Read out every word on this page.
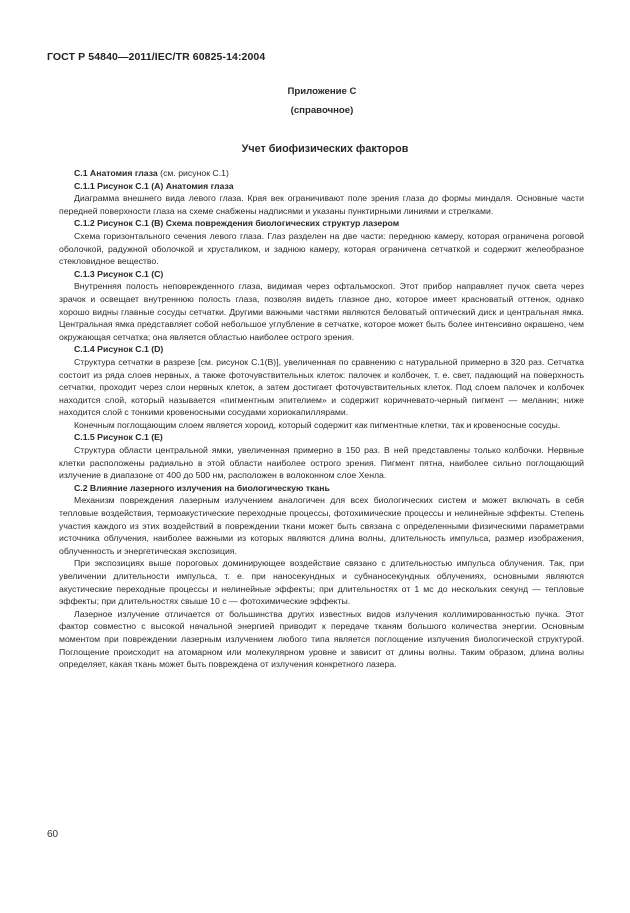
ГОСТ Р 54840—2011/IEC/TR 60825-14:2004
Приложение С
(справочное)
Учет биофизических факторов

С.1 Анатомия глаза (см. рисунок С.1)

С.1.1 Рисунок С.1 (А) Анатомия глаза

Диаграмма внешнего вида левого глаза. Края век ограничивают поле зрения глаза до формы миндаля. Основные части передней поверхности глаза на схеме снабжены надписями и указаны пунктирными линиями и стрелками.

С.1.2 Рисунок С.1 (В) Схема повреждения биологических структур лазером

Схема горизонтального сечения левого глаза. Глаз разделен на две части: переднюю камеру, которая ограничена роговой оболочкой, радужной оболочкой и хрусталиком, и заднюю камеру, которая ограничена сетчаткой и содержит желеобразное стекловидное вещество.

С.1.3 Рисунок С.1 (С)

Внутренняя полость неповрежденного глаза, видимая через офтальмоскоп. Этот прибор направляет пучок света через зрачок и освещает внутреннюю полость глаза, позволяя видеть глазное дно, которое имеет красноватый оттенок, однако хорошо видны главные сосуды сетчатки. Другими важными частями являются беловатый оптический диск и центральная ямка. Центральная ямка представляет собой небольшое углубление в сетчатке, которое может быть более интенсивно окрашено, чем окружающая сетчатка; она является областью наиболее острого зрения.

С.1.4 Рисунок С.1 (D)

Структура сетчатки в разрезе [см. рисунок С.1(В)], увеличенная по сравнению с натуральной примерно в 320 раз. Сетчатка состоит из ряда слоев нервных, а также фоточувствительных клеток: палочек и колбочек, т. е. свет, падающий на поверхность сетчатки, проходит через слои нервных клеток, а затем достигает фоточувствительных клеток. Под слоем палочек и колбочек находится слой, который называется «пигментным эпителием» и содержит коричневато-черный пигмент — меланин; ниже находится слой с тонкими кровеносными сосудами хориокапиллярами.

Конечным поглощающим слоем является хороид, который содержит как пигментные клетки, так и кровеносные сосуды.

С.1.5 Рисунок С.1 (Е)

Структура области центральной ямки, увеличенная примерно в 150 раз. В ней представлены только колбочки. Нервные клетки расположены радиально в этой области наиболее острого зрения. Пигмент пятна, наиболее сильно поглощающий излучение в диапазоне от 400 до 500 нм, расположен в волоконном слое Хенла.

С.2 Влияние лазерного излучения на биологическую ткань

Механизм повреждения лазерным излучением аналогичен для всех биологических систем и может включать в себя тепловые воздействия, термоакустические переходные процессы, фотохимические процессы и нелинейные эффекты. Степень участия каждого из этих воздействий в повреждении ткани может быть связана с определенными физическими параметрами источника облучения, наиболее важными из которых являются длина волны, длительность импульса, размер изображения, облученность и энергетическая экспозиция.

При экспозициях выше пороговых доминирующее воздействие связано с длительностью импульса облучения. Так, при увеличении длительности импульса, т. е. при наносекундных и субнаносекундных облучениях, основными являются акустические переходные процессы и нелинейные эффекты; при длительностях от 1 мс до нескольких секунд — тепловые эффекты; при длительностях свыше 10 с — фотохимические эффекты.

Лазерное излучение отличается от большинства других известных видов излучения коллимированностью пучка. Этот фактор совместно с высокой начальной энергией приводит к передаче тканям большого количества энергии. Основным моментом при повреждении лазерным излучением любого типа является поглощение излучения биологической структурой. Поглощение происходит на атомарном или молекулярном уровне и зависит от длины волны. Таким образом, длина волны определяет, какая ткань может быть повреждена от излучения конкретного лазера.

60
